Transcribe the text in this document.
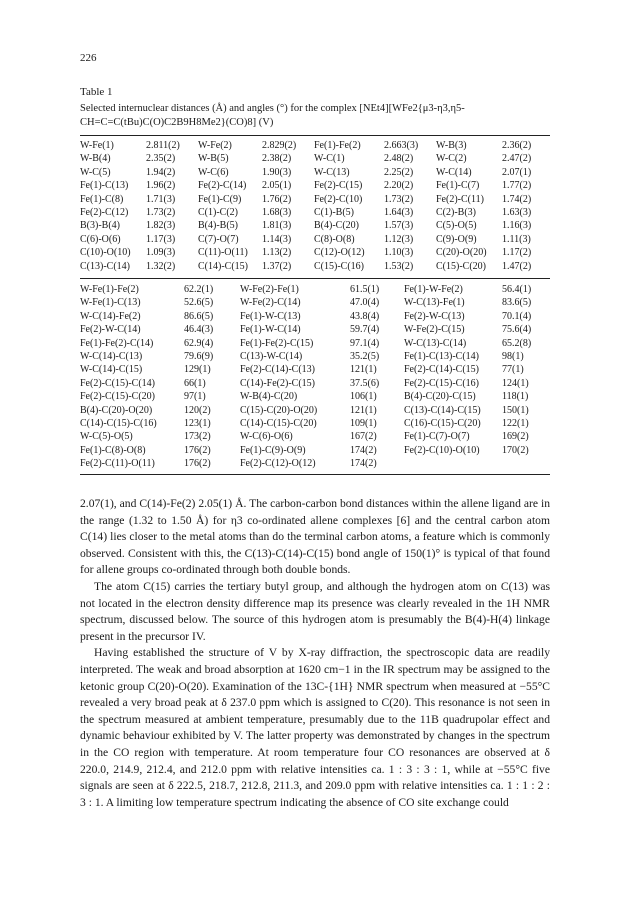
226
Table 1
Selected internuclear distances (Å) and angles (°) for the complex [NEt4][WFe2{μ3-η3,η5-
CH=C=C(tBu)C(O)C2B9H8Me2}(CO)8] (V)
W-Fe(1)	2.811(2)	W-Fe(2)	2.829(2)	Fe(1)-Fe(2)	2.663(3)	W-B(3)	2.36(2)
W-B(4)	2.35(2)	W-B(5)	2.38(2)	W-C(1)	2.48(2)	W-C(2)	2.47(2)
W-C(5)	1.94(2)	W-C(6)	1.90(3)	W-C(13)	2.25(2)	W-C(14)	2.07(1)
Fe(1)-C(13)	1.96(2)	Fe(2)-C(14)	2.05(1)	Fe(2)-C(15)	2.20(2)	Fe(1)-C(7)	1.77(2)
Fe(1)-C(8)	1.71(3)	Fe(1)-C(9)	1.76(2)	Fe(2)-C(10)	1.73(2)	Fe(2)-C(11)	1.74(2)
Fe(2)-C(12)	1.73(2)	C(1)-C(2)	1.68(3)	C(1)-B(5)	1.64(3)	C(2)-B(3)	1.63(3)
B(3)-B(4)	1.82(3)	B(4)-B(5)	1.81(3)	B(4)-C(20)	1.57(3)	C(5)-O(5)	1.16(3)
C(6)-O(6)	1.17(3)	C(7)-O(7)	1.14(3)	C(8)-O(8)	1.12(3)	C(9)-O(9)	1.11(3)
C(10)-O(10)	1.09(3)	C(11)-O(11)	1.13(2)	C(12)-O(12)	1.10(3)	C(20)-O(20)	1.17(2)
C(13)-C(14)	1.32(2)	C(14)-C(15)	1.37(2)	C(15)-C(16)	1.53(2)	C(15)-C(20)	1.47(2)
W-Fe(1)-Fe(2)	62.2(1)	W-Fe(2)-Fe(1)	61.5(1)	Fe(1)-W-Fe(2)	56.4(1)
W-Fe(1)-C(13)	52.6(5)	W-Fe(2)-C(14)	47.0(4)	W-C(13)-Fe(1)	83.6(5)
W-C(14)-Fe(2)	86.6(5)	Fe(1)-W-C(13)	43.8(4)	Fe(2)-W-C(13)	70.1(4)
Fe(2)-W-C(14)	46.4(3)	Fe(1)-W-C(14)	59.7(4)	W-Fe(2)-C(15)	75.6(4)
Fe(1)-Fe(2)-C(14)	62.9(4)	Fe(1)-Fe(2)-C(15)	97.1(4)	W-C(13)-C(14)	65.2(8)
W-C(14)-C(13)	79.6(9)	C(13)-W-C(14)	35.2(5)	Fe(1)-C(13)-C(14)	98(1)
W-C(14)-C(15)	129(1)	Fe(2)-C(14)-C(13)	121(1)	Fe(2)-C(14)-C(15)	77(1)
Fe(2)-C(15)-C(14)	66(1)	C(14)-Fe(2)-C(15)	37.5(6)	Fe(2)-C(15)-C(16)	124(1)
Fe(2)-C(15)-C(20)	97(1)	W-B(4)-C(20)	106(1)	B(4)-C(20)-C(15)	118(1)
B(4)-C(20)-O(20)	120(2)	C(15)-C(20)-O(20)	121(1)	C(13)-C(14)-C(15)	150(1)
C(14)-C(15)-C(16)	123(1)	C(14)-C(15)-C(20)	109(1)	C(16)-C(15)-C(20)	122(1)
W-C(5)-O(5)	173(2)	W-C(6)-O(6)	167(2)	Fe(1)-C(7)-O(7)	169(2)
Fe(1)-C(8)-O(8)	176(2)	Fe(1)-C(9)-O(9)	174(2)	Fe(2)-C(10)-O(10)	170(2)
Fe(2)-C(11)-O(11)	176(2)	Fe(2)-C(12)-O(12)	174(2)		

2.07(1), and C(14)-Fe(2) 2.05(1) Å. The carbon-carbon bond distances within the allene ligand are in the range (1.32 to 1.50 Å) for η3 co-ordinated allene complexes [6] and the central carbon atom C(14) lies closer to the metal atoms than do the terminal carbon atoms, a feature which is commonly observed. Consistent with this, the C(13)-C(14)-C(15) bond angle of 150(1)° is typical of that found for allene groups co-ordinated through both double bonds.

The atom C(15) carries the tertiary butyl group, and although the hydrogen atom on C(13) was not located in the electron density difference map its presence was clearly revealed in the 1H NMR spectrum, discussed below. The source of this hydrogen atom is presumably the B(4)-H(4) linkage present in the precursor IV.

Having established the structure of V by X-ray diffraction, the spectroscopic data are readily interpreted. The weak and broad absorption at 1620 cm−1 in the IR spectrum may be assigned to the ketonic group C(20)-O(20). Examination of the 13C-{1H} NMR spectrum when measured at −55°C revealed a very broad peak at δ 237.0 ppm which is assigned to C(20). This resonance is not seen in the spectrum measured at ambient temperature, presumably due to the 11B quadrupolar effect and dynamic behaviour exhibited by V. The latter property was demonstrated by changes in the spectrum in the CO region with temperature. At room temperature four CO resonances are observed at δ 220.0, 214.9, 212.4, and 212.0 ppm with relative intensities ca. 1 : 3 : 3 : 1, while at −55°C five signals are seen at δ 222.5, 218.7, 212.8, 211.3, and 209.0 ppm with relative intensities ca. 1 : 1 : 2 : 3 : 1. A limiting low temperature spectrum indicating the absence of CO site exchange could
